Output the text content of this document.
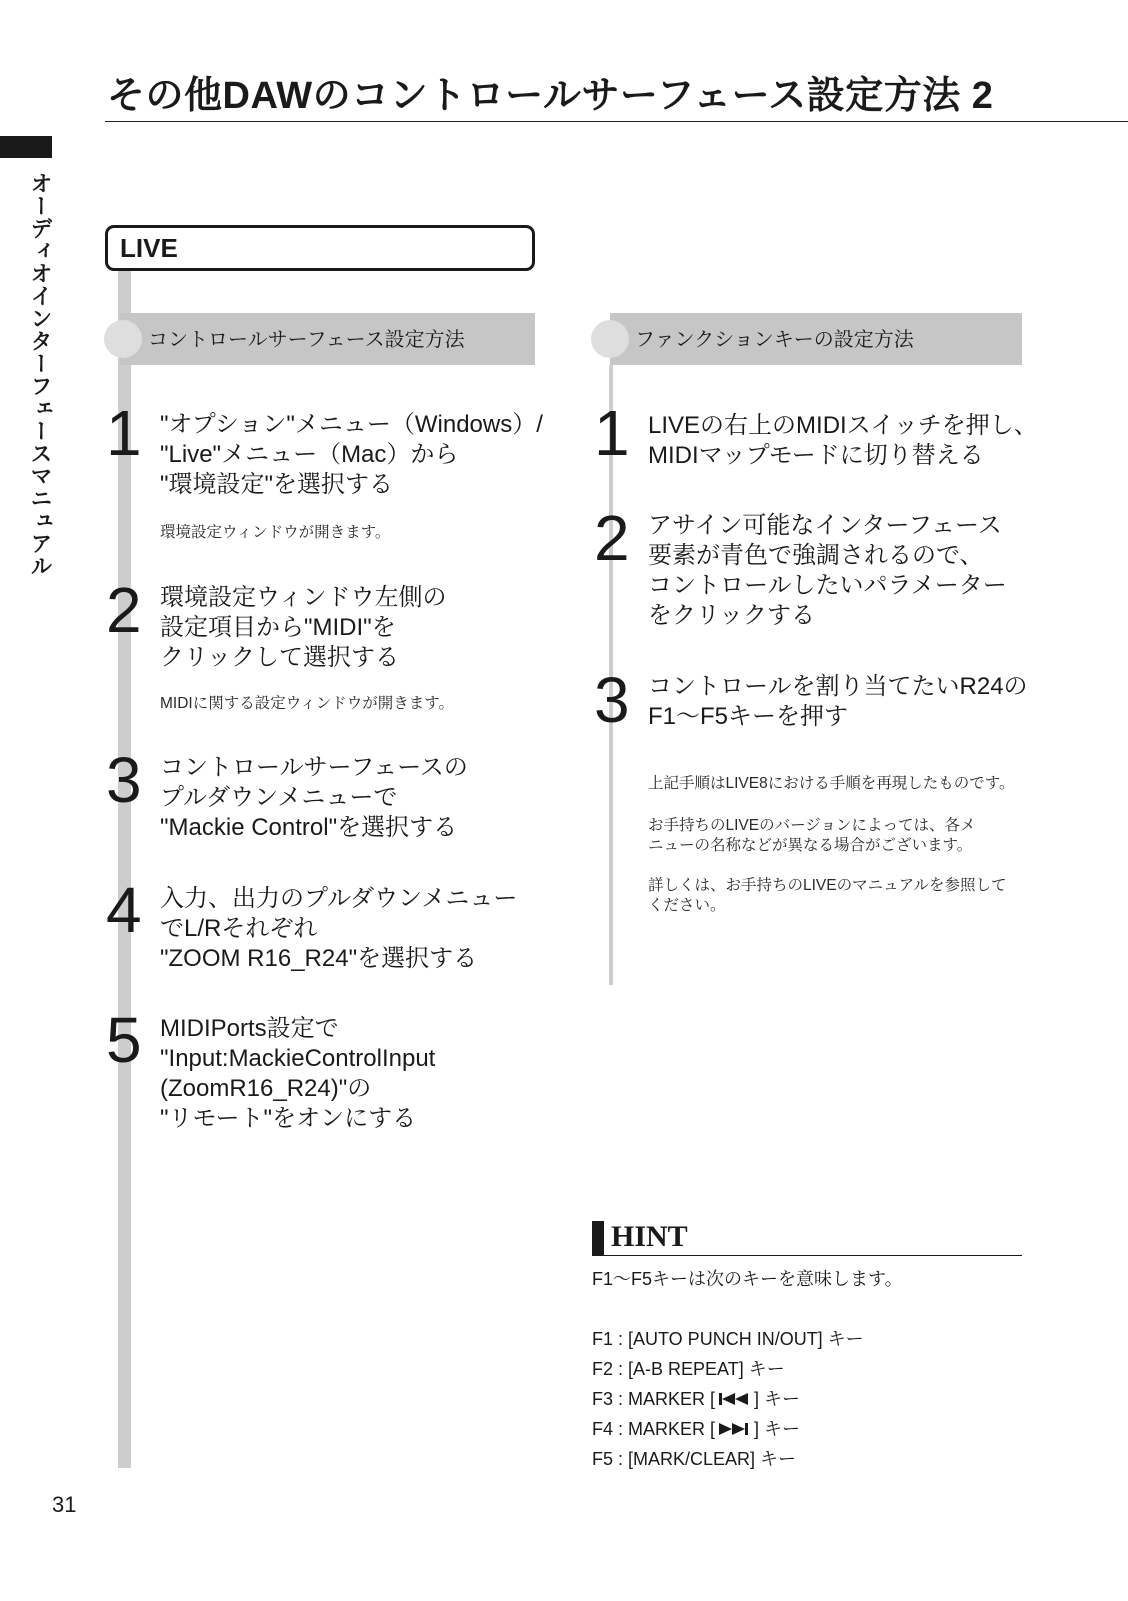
その他DAWのコントロールサーフェース設定方法 2
オーディオインターフェースマニュアル	LIVE
コントロールサーフェース設定方法	ファンクションキーの設定方法
1 "オプション"メニュー（Windows）/
"Live"メニュー（Mac）から
"環境設定"を選択する
環境設定ウィンドウが開きます。
2 環境設定ウィンドウ左側の
設定項目から"MIDI"を
クリックして選択する
MIDIに関する設定ウィンドウが開きます。
3 コントロールサーフェースの
プルダウンメニューで
"Mackie Control"を選択する
4 入力、出力のプルダウンメニュー
でL/Rそれぞれ
"ZOOM R16_R24"を選択する
5 MIDIPorts設定で
"Input:MackieControlInput
(ZoomR16_R24)"の
"リモート"をオンにする
1 LIVEの右上のMIDIスイッチを押し、
MIDIマップモードに切り替える
2 アサイン可能なインターフェース
要素が青色で強調されるので、
コントロールしたいパラメーター
をクリックする
3 コントロールを割り当てたいR24の
F1〜F5キーを押す
上記手順はLIVE8における手順を再現したものです。
お手持ちのLIVEのバージョンによっては、各メ
ニューの名称などが異なる場合がございます。
詳しくは、お手持ちのLIVEのマニュアルを参照して
ください。
HINT
F1〜F5キーは次のキーを意味します。
F1 : [AUTO PUNCH IN/OUT] キー
F2 : [A-B REPEAT] キー
F3 : MARKER [ ] キー
F4 : MARKER [ ] キー
F5 : [MARK/CLEAR] キー
31
